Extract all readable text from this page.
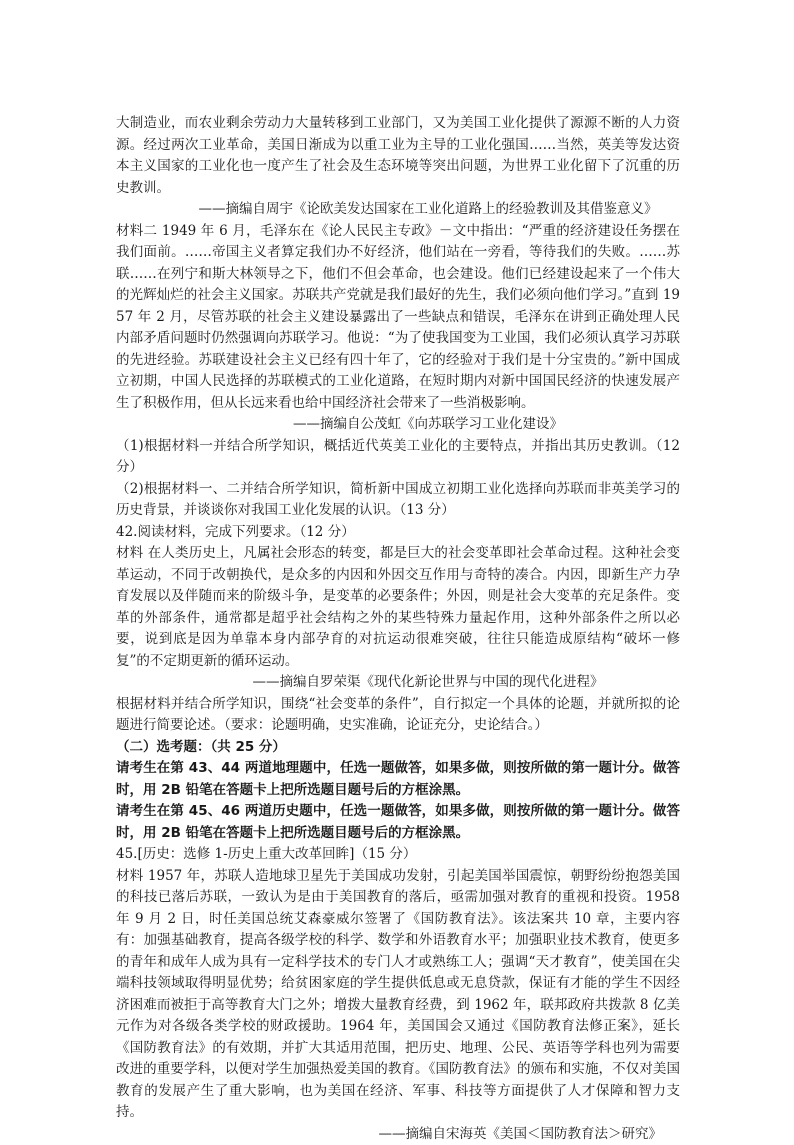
大制造业，而农业剩余劳动力大量转移到工业部门，又为美国工业化提供了源源不断的人力资源。经过两次工业革命，美国日渐成为以重工业为主导的工业化强国……当然，英美等发达资本主义国家的工业化也一度产生了社会及生态环境等突出问题，为世界工业化留下了沉重的历史教训。

——摘编自周宇《论欧美发达国家在工业化道路上的经验教训及其借鉴意义》

材料二 1949 年 6 月，毛泽东在《论人民民主专政》－文中指出：“严重的经济建设任务摆在我们面前。……帝国主义者算定我们办不好经济，他们站在一旁看，等待我们的失败。……苏联……在列宁和斯大林领导之下，他们不但会革命，也会建设。他们已经建设起来了一个伟大的光辉灿烂的社会主义国家。苏联共产党就是我们最好的先生，我们必须向他们学习。”直到 1957 年 2 月，尽管苏联的社会主义建设暴露出了一些缺点和错误，毛泽东在讲到正确处理人民内部矛盾问题时仍然强调向苏联学习。他说：“为了使我国变为工业国，我们必须认真学习苏联的先进经验。苏联建设社会主义已经有四十年了，它的经验对于我们是十分宝贵的。”新中国成立初期，中国人民选择的苏联模式的工业化道路，在短时期内对新中国国民经济的快速发展产生了积极作用，但从长远来看也给中国经济社会带来了一些消极影响。

——摘编自公茂虹《向苏联学习工业化建设》

（1)根据材料一并结合所学知识，概括近代英美工业化的主要特点，并指出其历史教训。（12 分）

（2)根据材料一、二并结合所学知识，简析新中国成立初期工业化选择向苏联而非英美学习的历史背景，并谈谈你对我国工业化发展的认识。（13 分）

42.阅读材料，完成下列要求。（12 分）

材料 在人类历史上，凡属社会形态的转变，都是巨大的社会变革即社会革命过程。这种社会变革运动，不同于改朝换代，是众多的内因和外因交互作用与奇特的凑合。内因，即新生产力孕育发展以及伴随而来的阶级斗争，是变革的必要条件；外因，则是社会大变革的充足条件。变革的外部条件，通常都是超乎社会结构之外的某些特殊力量起作用，这种外部条件之所以必要，说到底是因为单靠本身内部孕育的对抗运动很难突破，往往只能造成原结构“破坏一修复”的不定期更新的循环运动。

——摘编自罗荣渠《现代化新论世界与中国的现代化进程》

根据材料并结合所学知识，围绕“社会变革的条件”，自行拟定一个具体的论题，并就所拟的论题进行简要论述。（要求：论题明确，史实准确，论证充分，史论结合。）

（二）选考题：（共 25 分）

请考生在第 43、44 两道地理题中，任选一题做答，如果多做，则按所做的第一题计分。做答时，用 2B 铅笔在答题卡上把所选题目题号后的方框涂黑。

请考生在第 45、46 两道历史题中，任选一题做答，如果多做，则按所做的第一题计分。做答时，用 2B 铅笔在答题卡上把所选题目题号后的方框涂黑。

45.[历史：选修 1-历史上重大改革回眸]（15 分）

材料 1957 年，苏联人造地球卫星先于美国成功发射，引起美国举国震惊，朝野纷纷抱怨美国的科技已落后苏联，一致认为是由于美国教育的落后，亟需加强对教育的重视和投资。1958 年 9 月 2 日，时任美国总统艾森豪威尔签署了《国防教育法》。该法案共 10 章，主要内容有：加强基础教育，提高各级学校的科学、数学和外语教育水平；加强职业技术教育，使更多的青年和成年人成为具有一定科学技术的专门人才或熟练工人；强调“天才教育”，使美国在尖端科技领域取得明显优势；给贫困家庭的学生提供低息或无息贷款，保证有才能的学生不因经济困难而被拒于高等教育大门之外；增拨大量教育经费，到 1962 年，联邦政府共拨款 8 亿美元作为对各级各类学校的财政援助。1964 年，美国国会又通过《国防教育法修正案》，延长《国防教育法》的有效期，并扩大其适用范围，把历史、地理、公民、英语等学科也列为需要改进的重要学科，以便对学生加强热爱美国的教育。《国防教育法》的颁布和实施，不仅对美国教育的发展产生了重大影响，也为美国在经济、军事、科技等方面提供了人才保障和智力支持。

——摘编自宋海英《美国＜国防教育法＞研究》
